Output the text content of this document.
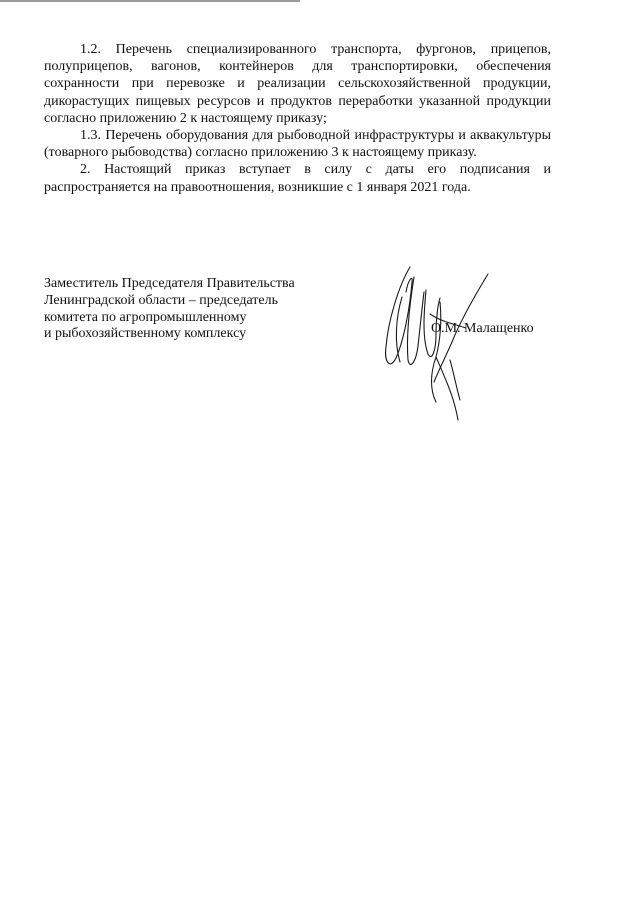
1.2. Перечень специализированного транспорта, фургонов, прицепов, полуприцепов, вагонов, контейнеров для транспортировки, обеспечения сохранности при перевозке и реализации сельскохозяйственной продукции, дикорастущих пищевых ресурсов и продуктов переработки указанной продукции согласно приложению 2 к настоящему приказу;

1.3. Перечень оборудования для рыбоводной инфраструктуры и аквакультуры (товарного рыбоводства) согласно приложению 3 к настоящему приказу.

2. Настоящий приказ вступает в силу с даты его подписания и распространяется на правоотношения, возникшие с 1 января 2021 года.

Заместитель Председателя Правительства
Ленинградской области – председатель
комитета по агропромышленному
и рыбохозяйственному комплексу	О.М. Малащенко
